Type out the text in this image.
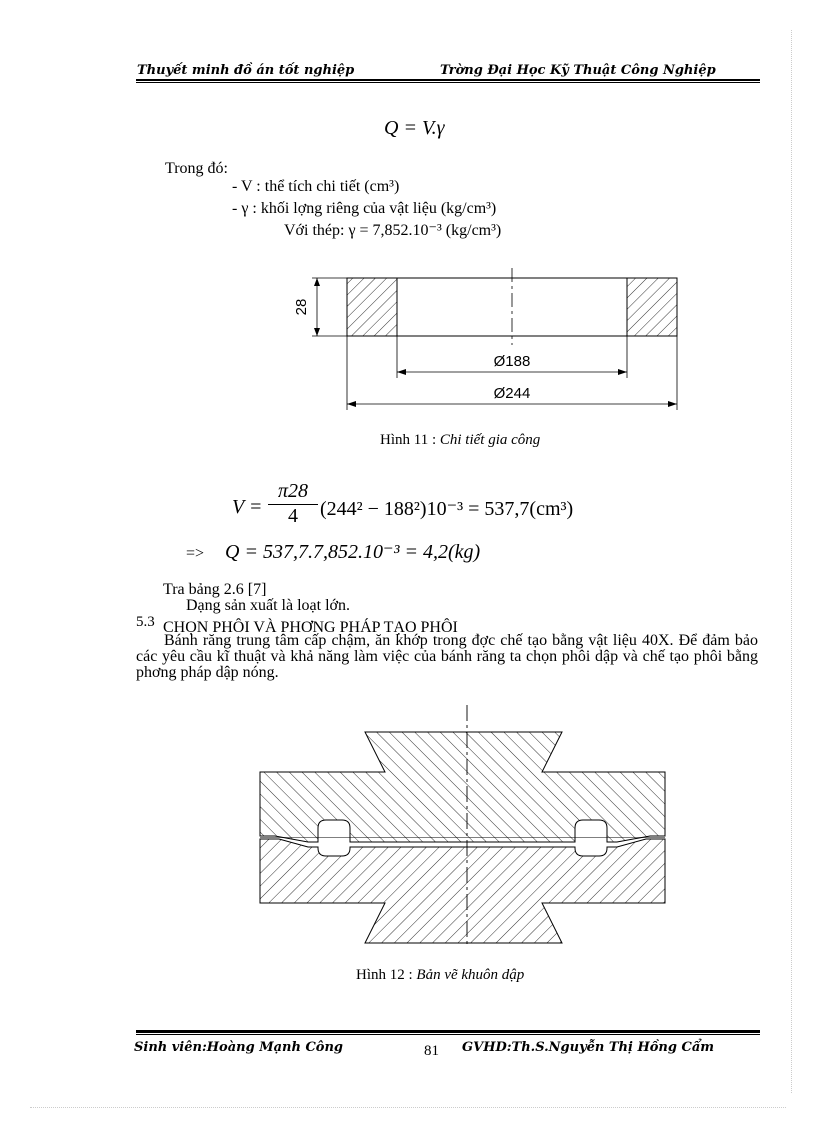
Thuyết minh đồ án tốt nghiệp	Trờng Đại Học Kỹ Thuật Công Nghiệp
Q = V.γ
Trong đó:
- V : thể tích chi tiết (cm³)
- γ : khối lợng riêng của vật liệu (kg/cm³)
Với thép: γ = 7,852.10⁻³ (kg/cm³)
28
Ø188
Ø244
Hình 11 : Chi tiết gia công
V =
π28
4	(244² − 188²)10⁻³ = 537,7(cm³)
=> Q = 537,7.7,852.10⁻³ = 4,2(kg)
Tra bảng 2.6 [7]
Dạng sản xuất là loạt lớn.
5.3 CHỌN PHÔI VÀ PHƠNG PHÁP TẠO PHÔI
Bánh răng trung tâm cấp chậm, ăn khớp trong đợc chế tạo bằng vật liệu 40X. Để đảm bảo các yêu cầu kĩ thuật và khả năng làm việc của bánh răng ta chọn phôi dập và chế tạo phôi bằng phơng pháp dập nóng.
Hình 12 : Bản vẽ khuôn dập
Sinh viên:Hoàng Mạnh Công	81 GVHD:Th.S.Nguyễn Thị Hồng Cẩm
